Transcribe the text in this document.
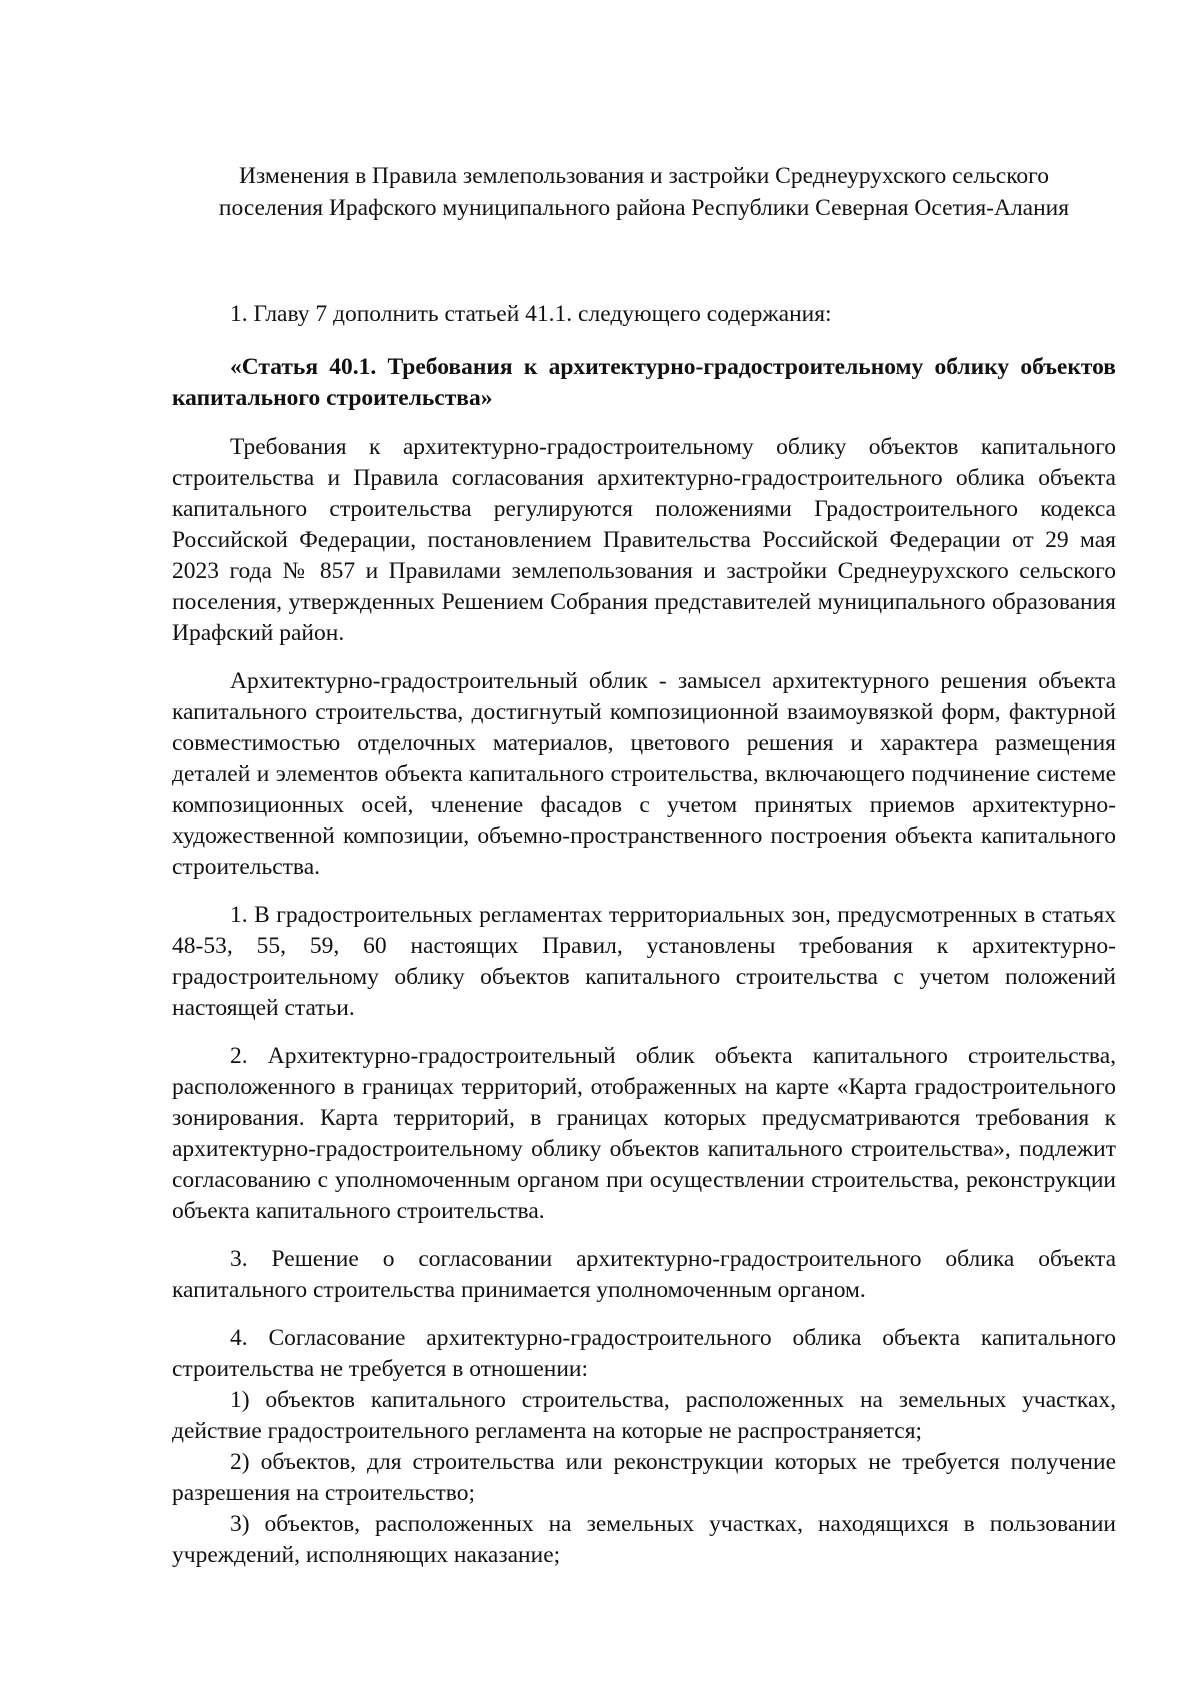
Изменения в Правила землепользования и застройки Среднеурухского сельского поселения Ирафского муниципального района Республики Северная Осетия-Алания

1. Главу 7 дополнить статьей 41.1. следующего содержания:

«Статья 40.1. Требования к архитектурно-градостроительному облику объектов капитального строительства»

Требования к архитектурно-градостроительному облику объектов капитального строительства и Правила согласования архитектурно-градостроительного облика объекта капитального строительства регулируются положениями Градостроительного кодекса Российской Федерации, постановлением Правительства Российской Федерации от 29 мая 2023 года № 857 и Правилами землепользования и застройки Среднеурухского сельского поселения, утвержденных Решением Собрания представителей муниципального образования Ирафский район.

Архитектурно-градостроительный облик - замысел архитектурного решения объекта капитального строительства, достигнутый композиционной взаимоувязкой форм, фактурной совместимостью отделочных материалов, цветового решения и характера размещения деталей и элементов объекта капитального строительства, включающего подчинение системе композиционных осей, членение фасадов с учетом принятых приемов архитектурно- художественной композиции, объемно-пространственного построения объекта капитального строительства.

1. В градостроительных регламентах территориальных зон, предусмотренных в статьях 48-53, 55, 59, 60 настоящих Правил, установлены требования к архитектурно-градостроительному облику объектов капитального строительства с учетом положений настоящей статьи.

2. Архитектурно-градостроительный облик объекта капитального строительства, расположенного в границах территорий, отображенных на карте «Карта градостроительного зонирования. Карта территорий, в границах которых предусматриваются требования к архитектурно-градостроительному облику объектов капитального строительства», подлежит согласованию с уполномоченным органом при осуществлении строительства, реконструкции объекта капитального строительства.

3. Решение о согласовании архитектурно-градостроительного облика объекта капитального строительства принимается уполномоченным органом.

4. Согласование архитектурно-градостроительного облика объекта капитального строительства не требуется в отношении:

1) объектов капитального строительства, расположенных на земельных участках, действие градостроительного регламента на которые не распространяется;

2) объектов, для строительства или реконструкции которых не требуется получение разрешения на строительство;

3) объектов, расположенных на земельных участках, находящихся в пользовании учреждений, исполняющих наказание;
